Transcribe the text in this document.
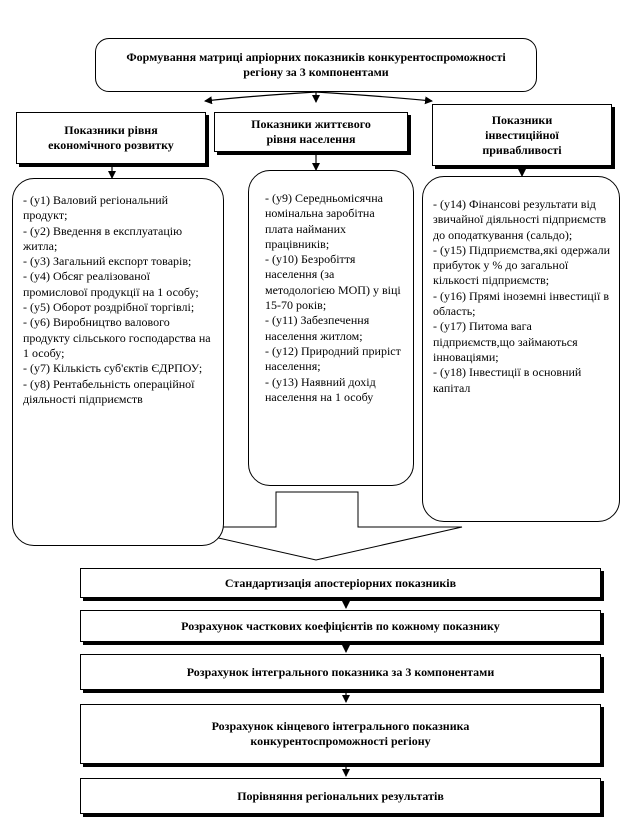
Формування матриці апріорних показників конкурентоспроможності регіону за 3 компонентами
Показники рівня економічного розвитку
Показники життєвого рівня населення
Показники інвестиційної привабливості
- (y1) Валовий регіональний продукт;
- (y2) Введення в експлуатацію житла;
- (y3) Загальний експорт товарів;
- (y4) Обсяг реалізованої промислової продукції на 1 особу;
- (y5) Оборот роздрібної торгівлі;
- (y6) Виробництво валового продукту сільського господарства на 1 особу;
- (y7) Кількість суб'єктів ЄДРПОУ;
- (y8) Рентабельність операційної діяльності підприємств
- (y9) Середньомісячна номінальна заробітна плата найманих працівників;
- (y10) Безробіття населення (за методологією МОП) у віці 15-70 років;
- (y11) Забезпечення населення житлом;
- (y12) Природний приріст населення;
- (y13) Наявний дохід населення на 1 особу
- (y14) Фінансові результати від звичайної діяльності підприємств до оподаткування (сальдо);
- (y15) Підприємства,які одержали прибуток у % до загальної кількості підприємств;
- (y16) Прямі іноземні інвестиції в область;
- (y17) Питома вага підприємств,що займаються інноваціями;
- (y18) Інвестиції в основний капітал
Стандартизація апостеріорних показників
Розрахунок часткових коефіцієнтів по кожному показнику
Розрахунок інтегрального показника за 3 компонентами
Розрахунок кінцевого інтегрального показника конкурентоспроможності регіону
Порівняння регіональних результатів
